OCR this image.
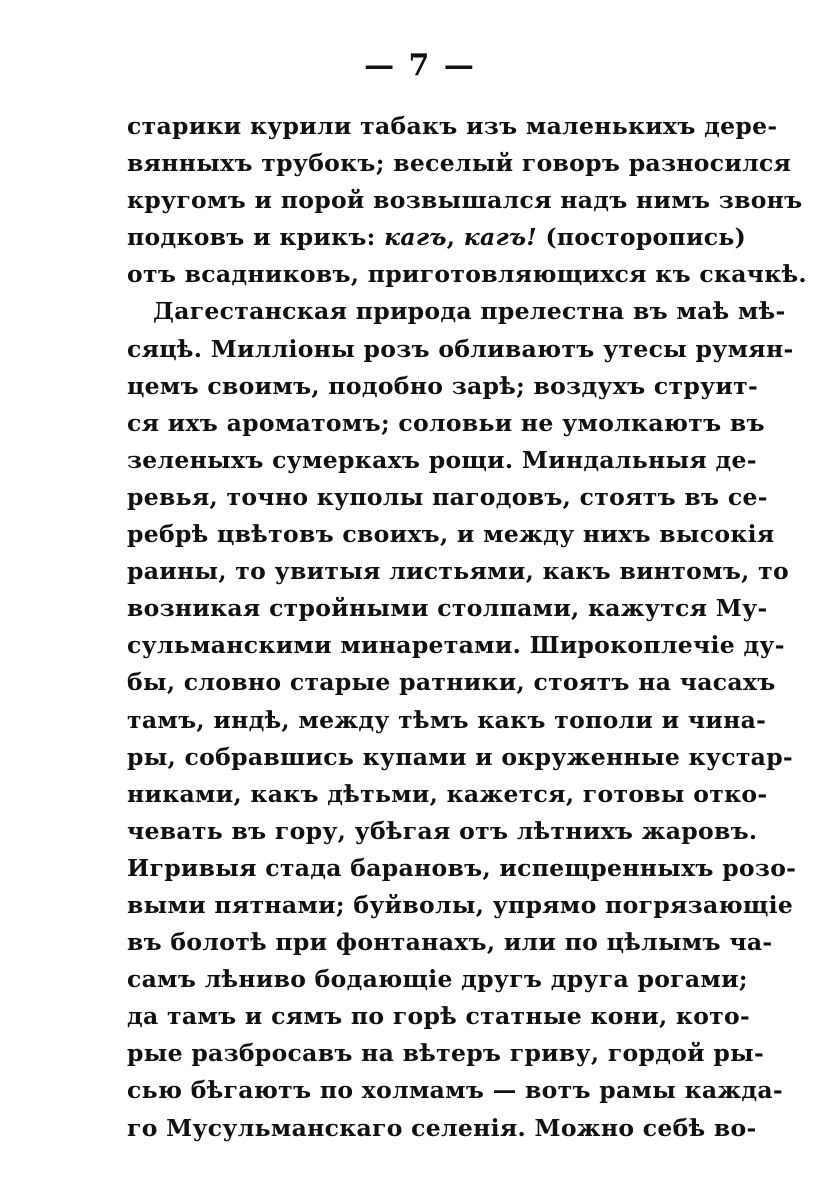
— 7 —
старики курили табакъ изъ маленькихъ дере-
вянныхъ трубокъ; веселый говоръ разносился
кругомъ и порой возвышался надъ нимъ звонъ
подковъ и крикъ: кагъ, кагъ! (посторопись)
отъ всадниковъ, приготовляющихся къ скачкѣ.
Дагестанская природа прелестна въ маѣ мѣ-
сяцѣ. Милліоны розъ обливаютъ утесы румян-
цемъ своимъ, подобно зарѣ; воздухъ струит-
ся ихъ ароматомъ; соловьи не умолкаютъ въ
зеленыхъ сумеркахъ рощи. Миндальныя де-
ревья, точно куполы пагодовъ, стоятъ въ се-
ребрѣ цвѣтовъ своихъ, и между нихъ высокія
раины, то увитыя листьями, какъ винтомъ, то
возникая стройными столпами, кажутся Му-
сульманскими минаретами. Широкоплечіе ду-
бы, словно старые ратники, стоятъ на часахъ
тамъ, индѣ, между тѣмъ какъ тополи и чина-
ры, собравшись купами и окруженные кустар-
никами, какъ дѣтьми, кажется, готовы отко-
чевать въ гору, убѣгая отъ лѣтнихъ жаровъ.
Игривыя стада барановъ, испещренныхъ розо-
выми пятнами; буйволы, упрямо погрязающіе
въ болотѣ при фонтанахъ, или по цѣлымъ ча-
самъ лѣниво бодающіе другъ друга рогами;
да тамъ и сямъ по горѣ статные кони, кото-
рые разбросавъ на вѣтеръ гриву, гордой ры-
сью бѣгаютъ по холмамъ — вотъ рамы кажда-
го Мусульманскаго селенія. Можно себѣ во-
